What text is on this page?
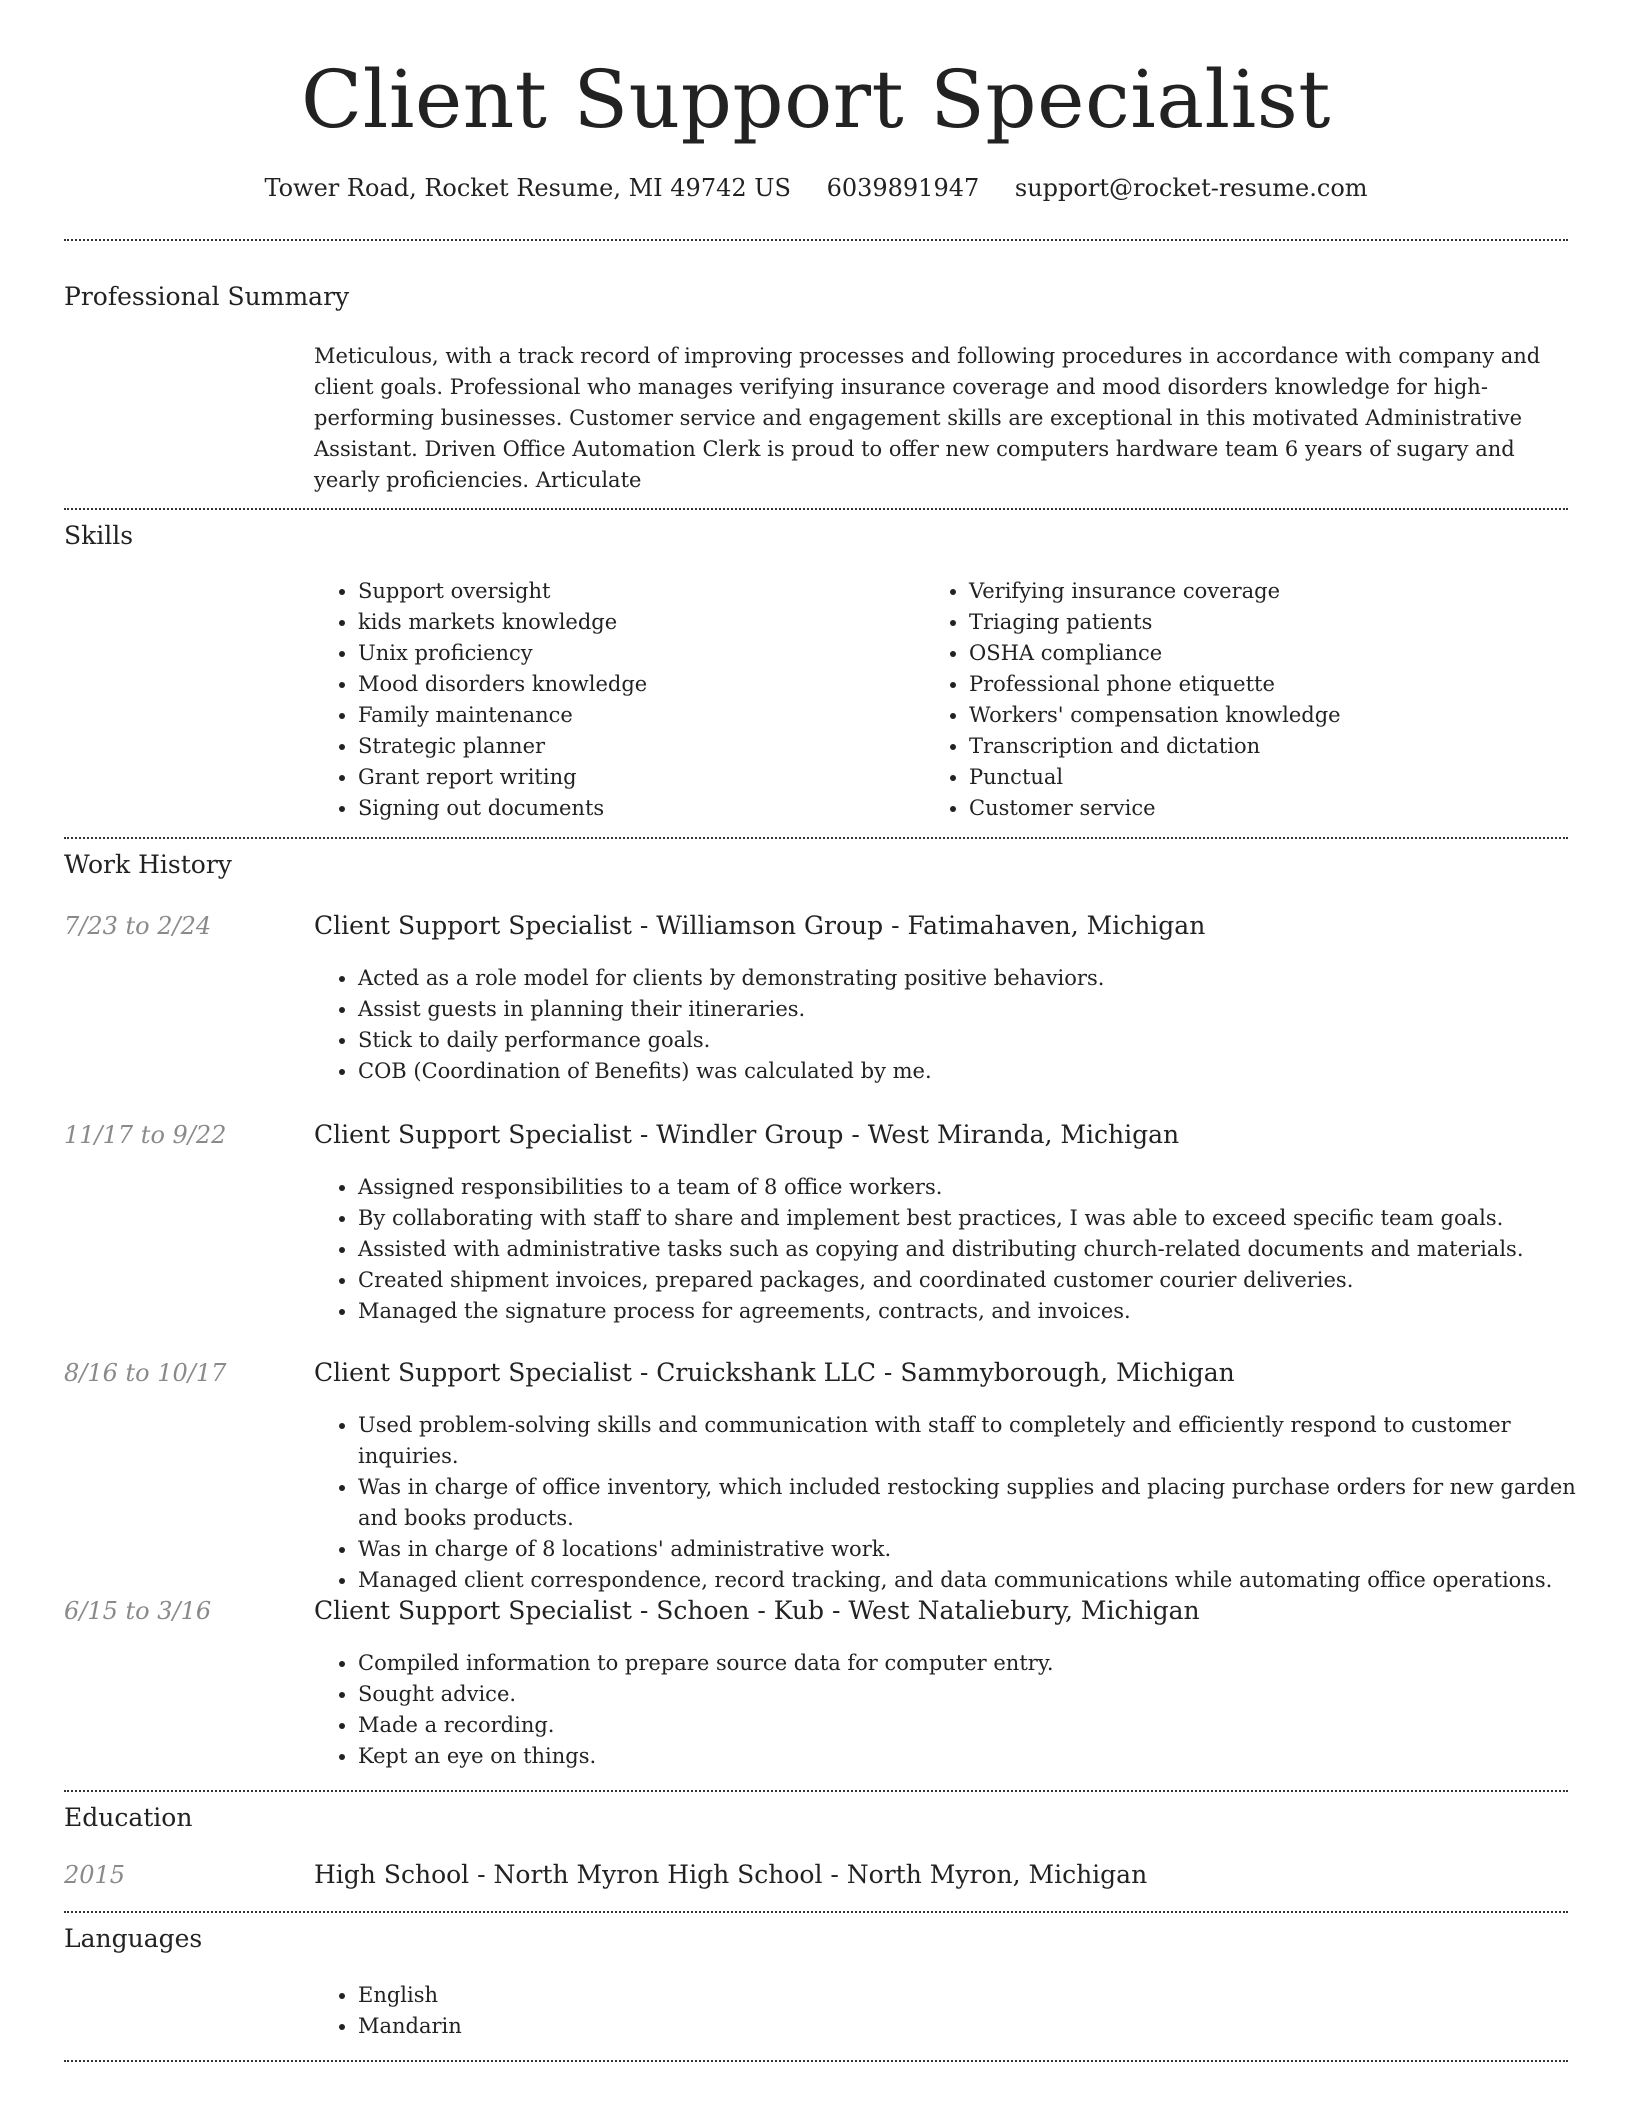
Client Support Specialist
Tower Road, Rocket Resume, MI 49742 US 6039891947 support@rocket-resume.com
Professional Summary
Meticulous, with a track record of improving processes and following procedures in accordance with company and client goals. Professional who manages verifying insurance coverage and mood disorders knowledge for high-performing businesses. Customer service and engagement skills are exceptional in this motivated Administrative Assistant. Driven Office Automation Clerk is proud to offer new computers hardware team 6 years of sugary and yearly proficiencies. Articulate
Skills
• Support oversight
• kids markets knowledge
• Unix proficiency
• Mood disorders knowledge
• Family maintenance
• Strategic planner
• Grant report writing
• Signing out documents
• Verifying insurance coverage
• Triaging patients
• OSHA compliance
• Professional phone etiquette
• Workers' compensation knowledge
• Transcription and dictation
• Punctual
• Customer service
Work History
7/23 to 2/24	Client Support Specialist - Williamson Group - Fatimahaven, Michigan
• Acted as a role model for clients by demonstrating positive behaviors.
• Assist guests in planning their itineraries.
• Stick to daily performance goals.
• COB (Coordination of Benefits) was calculated by me.
11/17 to 9/22	Client Support Specialist - Windler Group - West Miranda, Michigan
• Assigned responsibilities to a team of 8 office workers.
• By collaborating with staff to share and implement best practices, I was able to exceed specific team goals.
• Assisted with administrative tasks such as copying and distributing church-related documents and materials.
• Created shipment invoices, prepared packages, and coordinated customer courier deliveries.
• Managed the signature process for agreements, contracts, and invoices.
8/16 to 10/17	Client Support Specialist - Cruickshank LLC - Sammyborough, Michigan
• Used problem-solving skills and communication with staff to completely and efficiently respond to customer inquiries.
• Was in charge of office inventory, which included restocking supplies and placing purchase orders for new garden and books products.
• Was in charge of 8 locations' administrative work.
• Managed client correspondence, record tracking, and data communications while automating office operations.
6/15 to 3/16	Client Support Specialist - Schoen - Kub - West Nataliebury, Michigan
• Compiled information to prepare source data for computer entry.
• Sought advice.
• Made a recording.
• Kept an eye on things.
Education
2015	High School - North Myron High School - North Myron, Michigan
Languages
• English
• Mandarin
